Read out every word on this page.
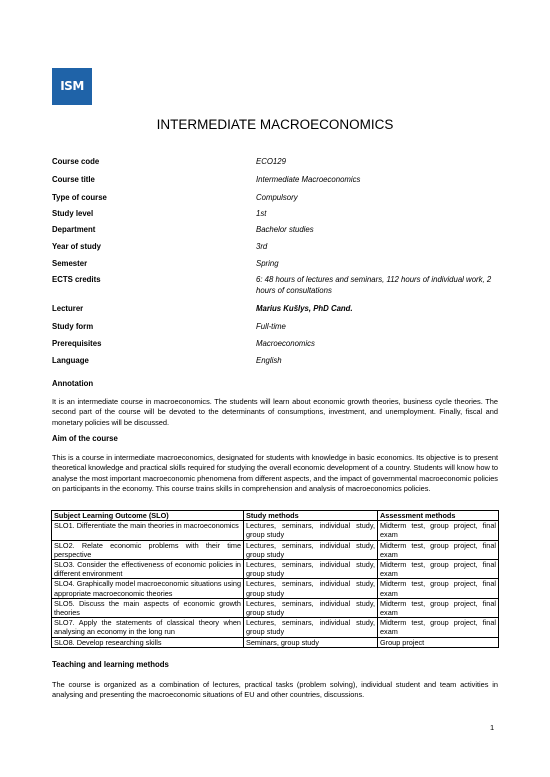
ISM
INTERMEDIATE MACROECONOMICS
Course code	ECO129
Course title	Intermediate Macroeconomics
Type of course	Compulsory
Study level	1st
Department	Bachelor studies
Year of study	3rd
Semester	Spring
ECTS credits	6: 48 hours of lectures and seminars, 112 hours of individual work, 2 hours of consultations
Lecturer	Marius Kušlys, PhD Cand.
Study form	Full-time
Prerequisites	Macroeconomics
Language	English
Annotation
It is an intermediate course in macroeconomics. The students will learn about economic growth theories, business cycle theories. The second part of the course will be devoted to the determinants of consumptions, investment, and unemployment. Finally, fiscal and monetary policies will be discussed.
Aim of the course
This is a course in intermediate macroeconomics, designated for students with knowledge in basic economics. Its objective is to present theoretical knowledge and practical skills required for studying the overall economic development of a country. Students will know how to analyse the most important macroeconomic phenomena from different aspects, and the impact of governmental macroeconomic policies on participants in the economy. This course trains skills in comprehension and analysis of macroeconomics policies.
Subject Learning Outcome (SLO)	Study methods	Assessment methods
SLO1. Differentiate the main theories in macroeconomics	Lectures, seminars, individual study, group study	Midterm test, group project, final exam
SLO2. Relate economic problems with their time perspective	Lectures, seminars, individual study, group study	Midterm test, group project, final exam
SLO3. Consider the effectiveness of economic policies in different environment	Lectures, seminars, individual study, group study	Midterm test, group project, final exam
SLO4. Graphically model macroeconomic situations using appropriate macroeconomic theories	Lectures, seminars, individual study, group study	Midterm test, group project, final exam
SLO5. Discuss the main aspects of economic growth theories	Lectures, seminars, individual study, group study	Midterm test, group project, final exam
SLO7. Apply the statements of classical theory when analysing an economy in the long run	Lectures, seminars, individual study, group study	Midterm test, group project, final exam
SLO8. Develop researching skills	Seminars, group study	Group project
Teaching and learning methods
The course is organized as a combination of lectures, practical tasks (problem solving), individual student and team activities in analysing and presenting the macroeconomic situations of EU and other countries, discussions.
1
